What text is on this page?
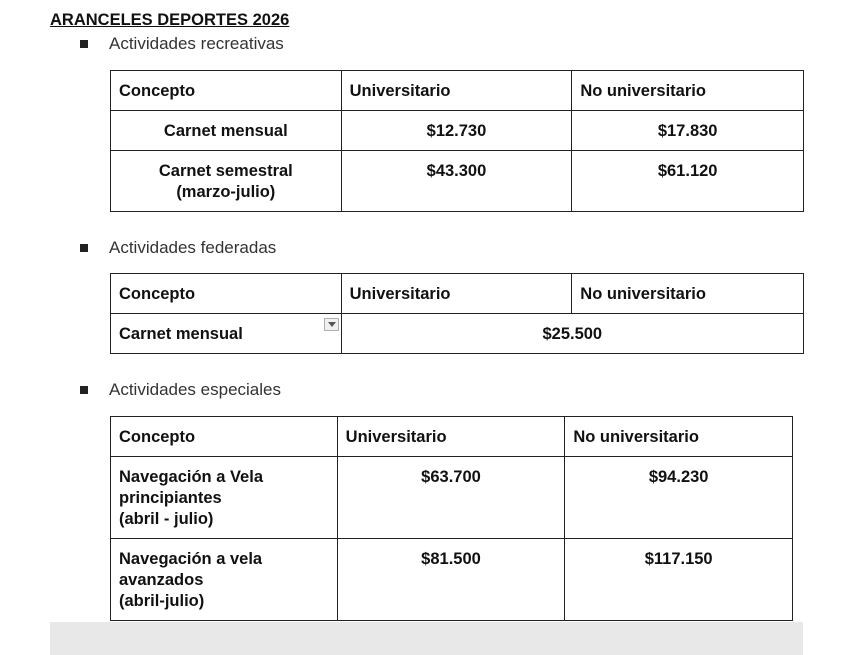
ARANCELES DEPORTES 2026
Actividades recreativas
Concepto	Universitario	No universitario
Carnet mensual	$12.730	$17.830

Carnet semestral
(marzo-julio)	$43.300	$61.120
Actividades federadas
Concepto	Universitario	No universitario
Carnet mensual	$25.500	
Actividades especiales
Concepto	Universitario	No universitario

Navegación a Vela
principiantes
(abril - julio)	$63.700	$94.230

Navegación a vela
avanzados
(abril-julio)	$81.500	$117.150
